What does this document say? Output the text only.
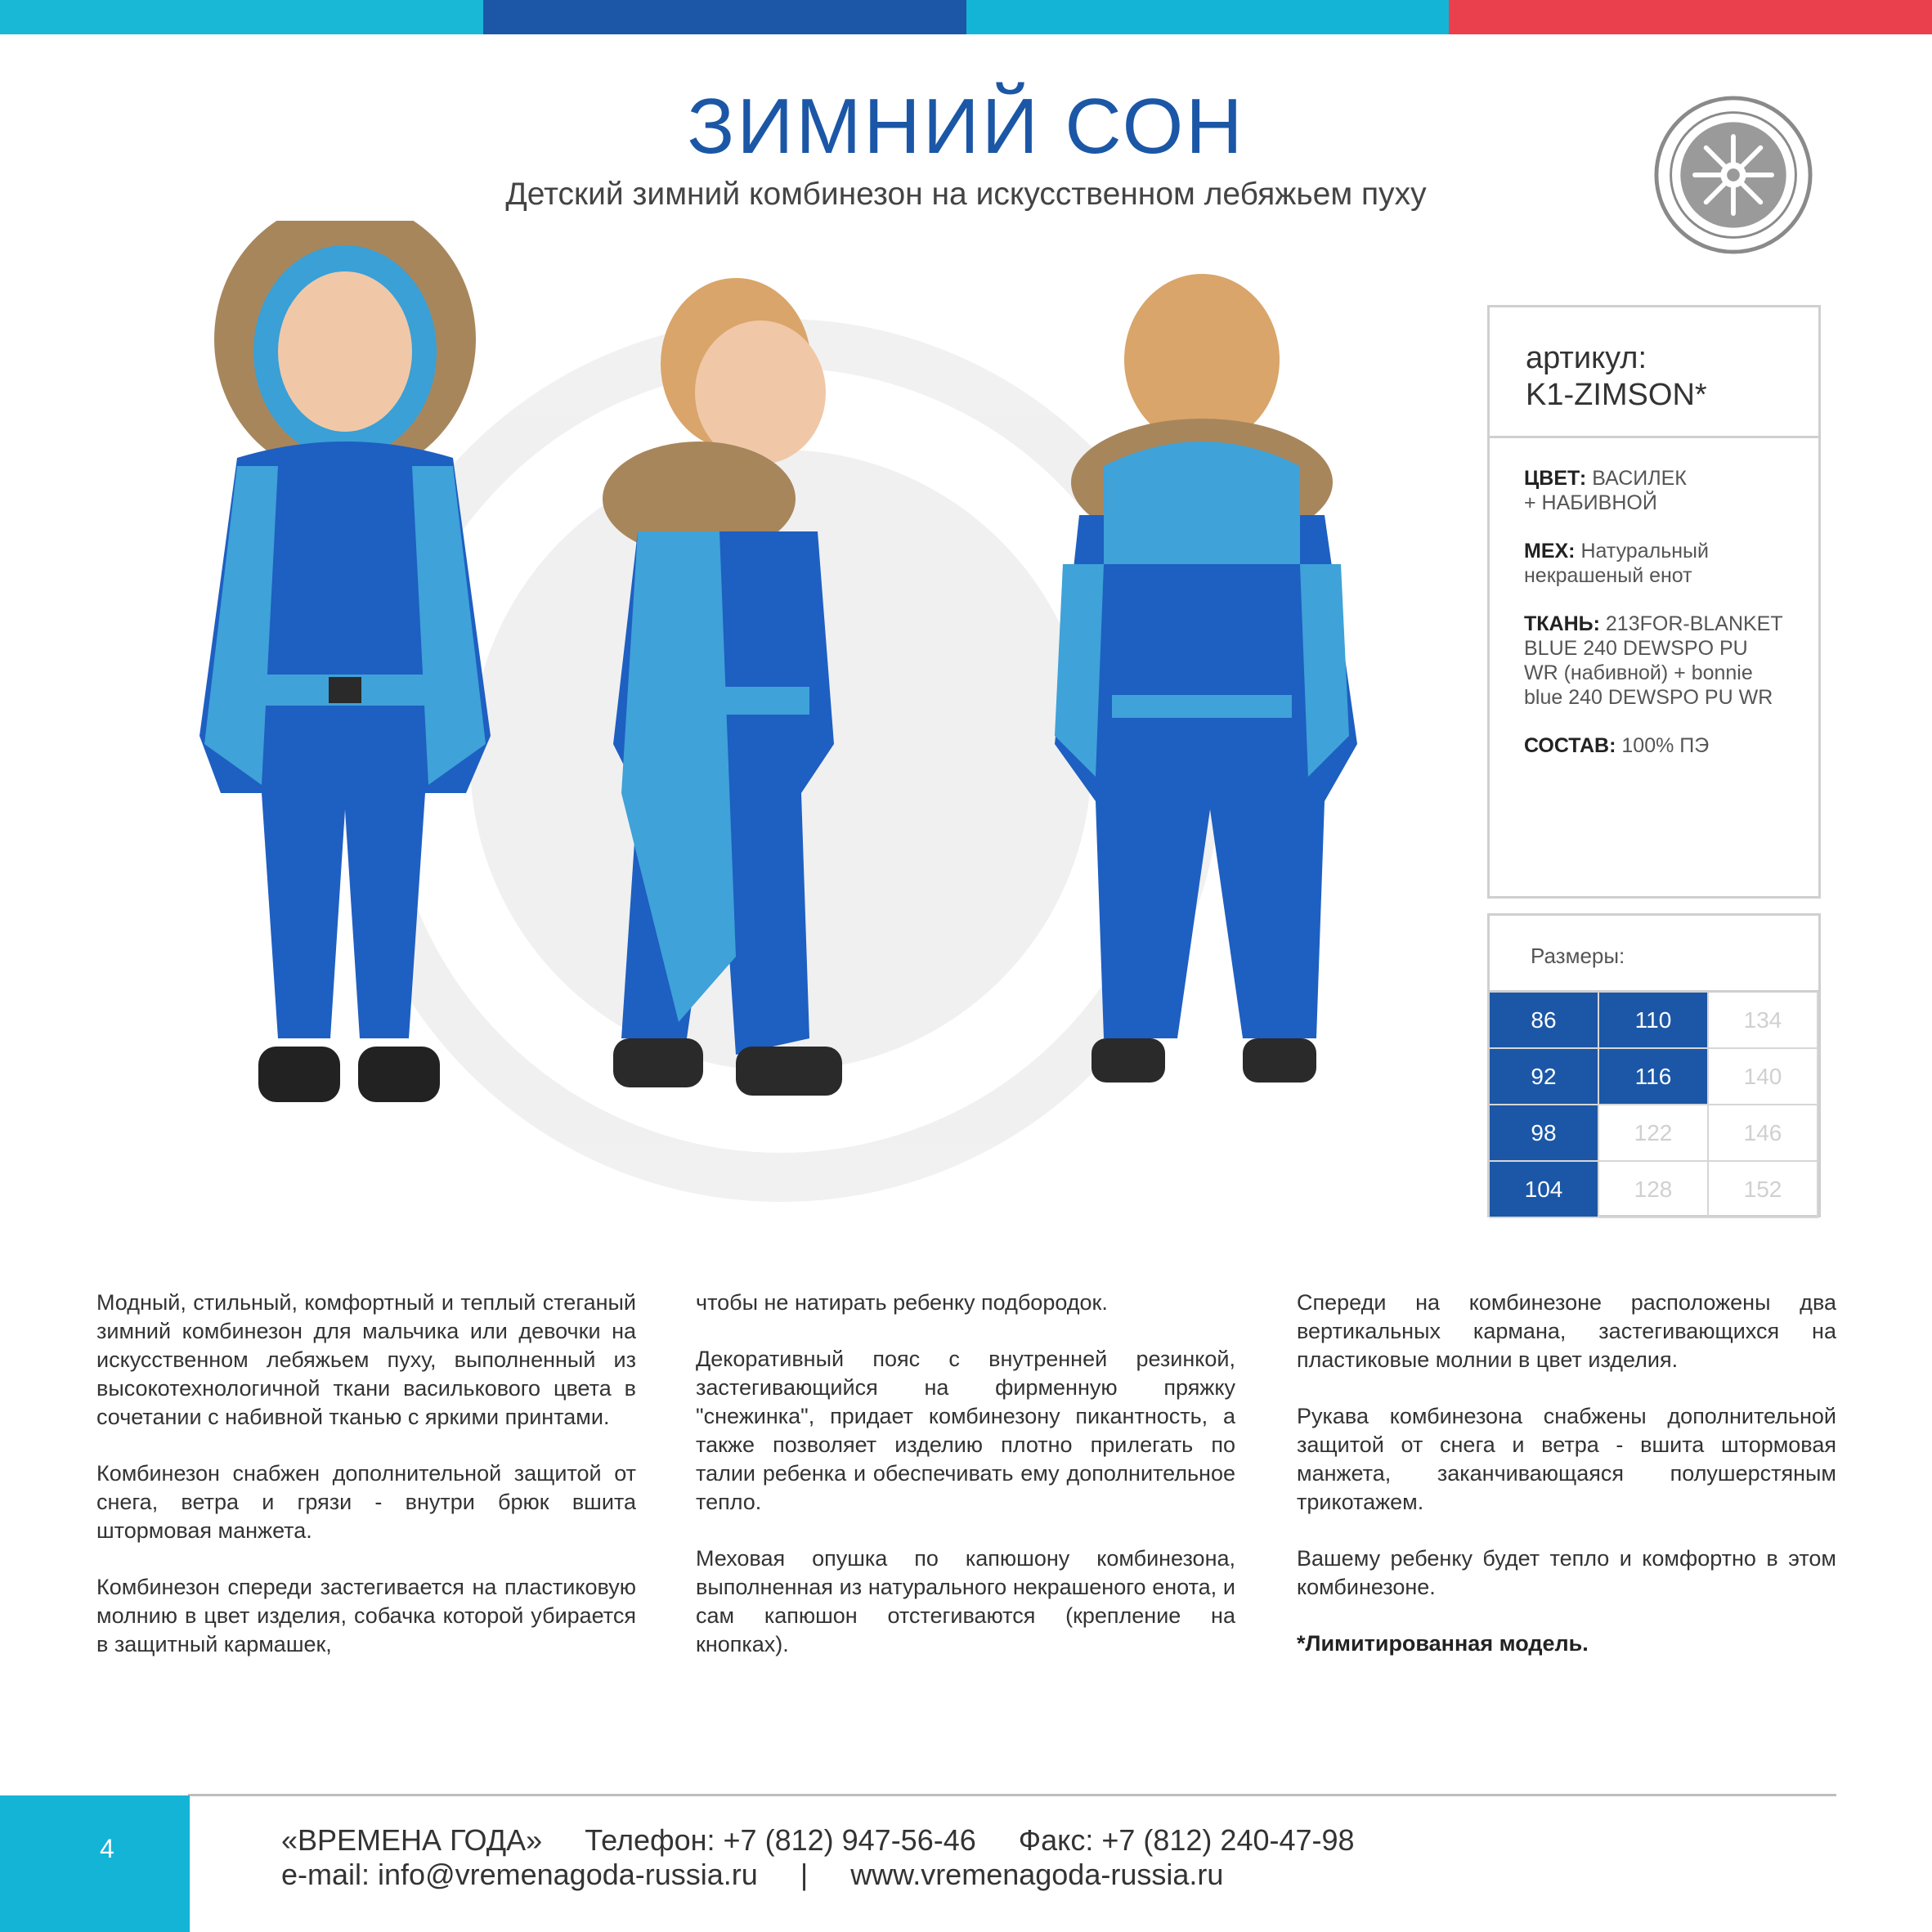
ЗИМНИЙ СОН
Детский зимний комбинезон на искусственном лебяжьем пуху
артикул:
K1-ZIMSON*

ЦВЕТ: ВАСИЛЕК
+ НАБИВНОЙ

МЕХ: Натуральный
некрашеный енот

ТКАНЬ: 213FOR-BLANKET
BLUE 240 DEWSPO PU
WR (набивной) + bonnie
blue 240 DEWSPO PU WR

СОСТАВ: 100% ПЭ

Размеры:
86	110	134
92	116	140
98	122	146
104	128	152

Модный, стильный, комфортный и теплый стеганый зимний комбинезон для мальчика или девочки на искусственном лебяжьем пуху, выполненный из высокотехнологичной ткани василькового цвета в сочетании с набивной тканью с яркими принтами.

Комбинезон снабжен дополнительной защитой от снега, ветра и грязи - внутри брюк вшита штормовая манжета.

Комбинезон спереди застегивается на пластиковую молнию в цвет изделия, собачка которой убирается в защитный кармашек,

чтобы не натирать ребенку подбородок.

Декоративный пояс с внутренней резинкой, застегивающийся на фирменную пряжку "снежинка", придает комбинезону пикантность, а также позволяет изделию плотно прилегать по талии ребенка и обеспечивать ему дополнительное тепло.

Меховая опушка по капюшону комбинезона, выполненная из натурального некрашеного енота, и сам капюшон отстегиваются (крепление на кнопках).

Спереди на комбинезоне расположены два вертикальных кармана, застегивающихся на пластиковые молнии в цвет изделия.

Рукава комбинезона снабжены дополнительной защитой от снега и ветра - вшита штормовая манжета, заканчивающаяся полушерстяным трикотажем.

Вашему ребенку будет тепло и комфортно в этом комбинезоне.

*Лимитированная модель.

4	«ВРЕМЕНА ГОДА» Телефон: +7 (812) 947-56-46 Факс: +7 (812) 240-47-98
e-mail: info@vremenagoda-russia.ru | www.vremenagoda-russia.ru
